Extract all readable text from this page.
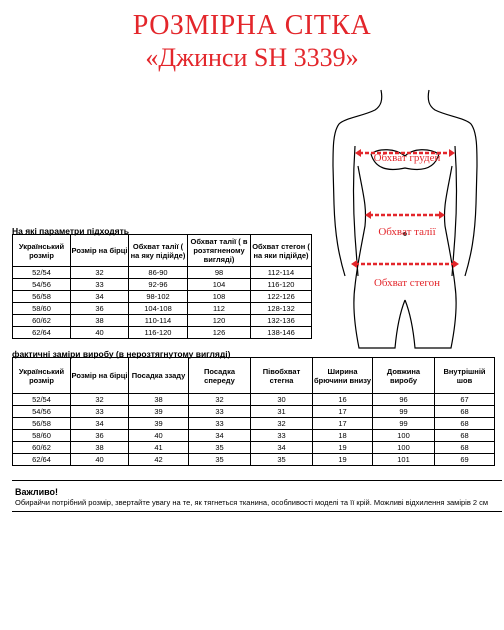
РОЗМІРНА СІТКА
«Джинси SH 3339»
Обхват грудей
Обхват талії
Обхват стегон

На які параметри підходять

Український розмір	Розмір на бірці	Обхват талії ( на яку підійде)	Обхват талії ( в розтягненому вигляді)	Обхват стегон ( на яки підійде)
52/54	32	86-90	98	112-114
54/56	33	92-96	104	116-120
56/58	34	98-102	108	122-126
58/60	36	104-108	112	128-132
60/62	38	110-114	120	132-136
62/64	40	116-120	126	138-146

фактичні заміри виробу (в нерозтягнутому вигляді)

Український розмір	Розмір на бірці	Посадка ззаду	Посадка спереду	Півобхват стегна	Ширина брючини внизу	Довжина виробу	Внутрішній шов
52/54	32	38	32	30	16	96	67
54/56	33	39	33	31	17	99	68
56/58	34	39	33	32	17	99	68
58/60	36	40	34	33	18	100	68
60/62	38	41	35	34	19	100	68
62/64	40	42	35	35	19	101	69
Важливо!
Обирайчи потрібний розмір, звертайте увагу на те, як тягнеться тканина, особливості моделі та її крій. Можливі відхилення замірів 2 см
